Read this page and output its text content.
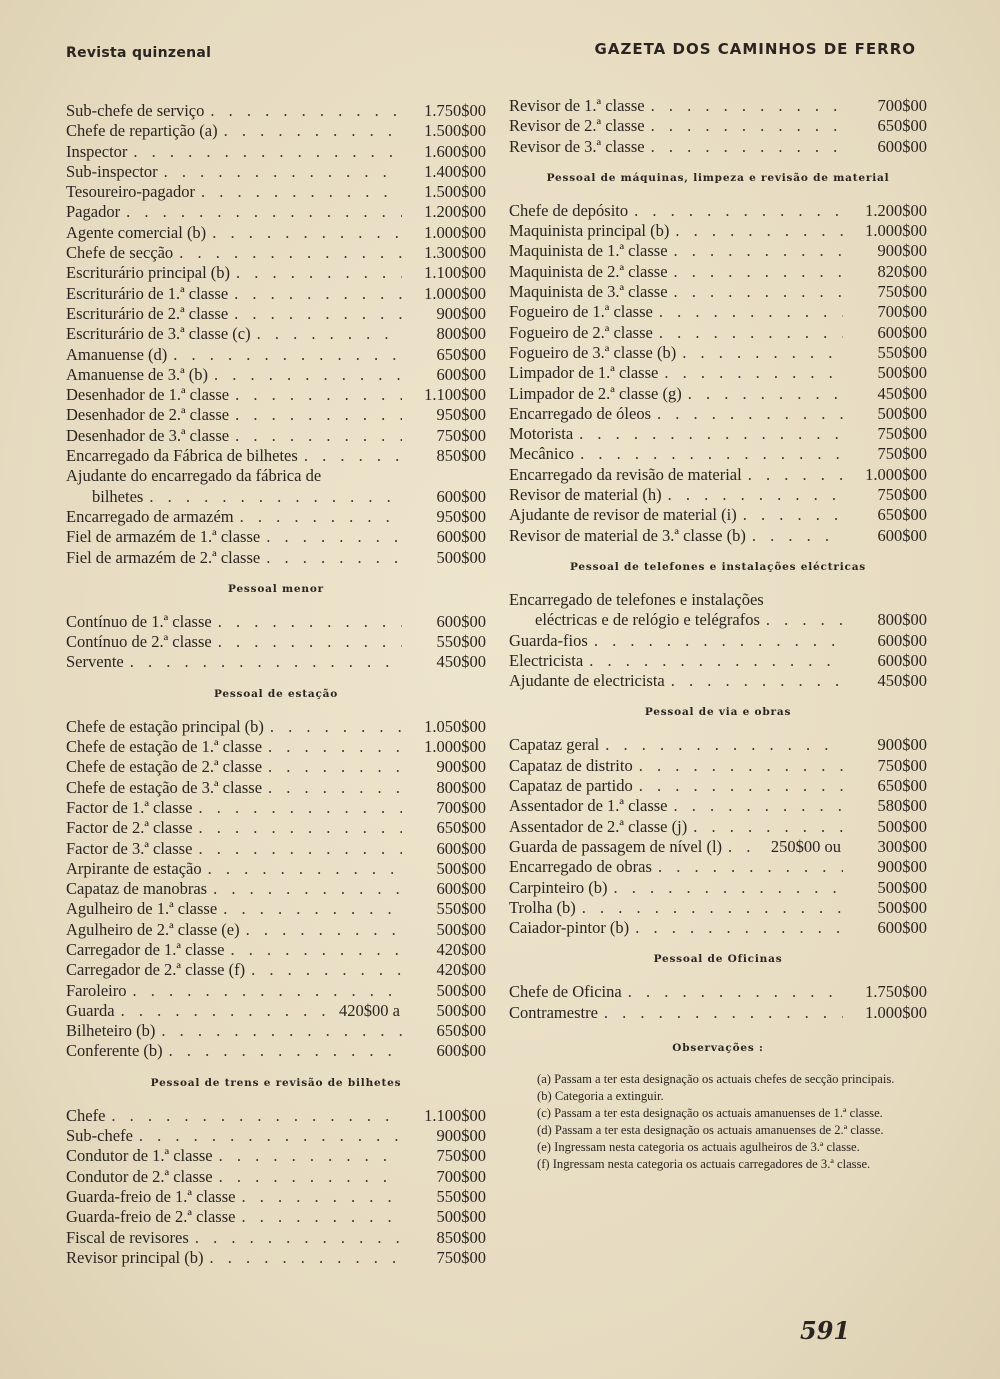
Revista quinzenal	GAZETA DOS CAMINHOS DE FERRO
Sub-chefe de serviço . . .	1.750$00
Chefe de repartição (a) . . .	1.500$00
Inspector . . .	1.600$00
Sub-inspector . . .	1.400$00
Tesoureiro-pagador . . .	1.500$00
Pagador . . .	1.200$00
Agente comercial (b) . . .	1.000$00
Chefe de secção . . .	1.300$00
Escriturário principal (b) . . .	1.100$00
Escriturário de 1.ª classe . . .	1.000$00
Escriturário de 2.ª classe . . .	900$00
Escriturário de 3.ª classe (c) . . .	800$00
Amanuense (d) . . .	650$00
Amanuense de 3.ª (b) . . .	600$00
Desenhador de 1.ª classe . . .	1.100$00
Desenhador de 2.ª classe . . .	950$00
Desenhador de 3.ª classe . . .	750$00
Encarregado da Fábrica de bilhetes . . .	850$00
Ajudante do encarregado da fábrica de
bilhetes . . .	600$00
Encarregado de armazém . . .	950$00
Fiel de armazém de 1.ª classe . . .	600$00
Fiel de armazém de 2.ª classe . . .	500$00
Pessoal menor
Contínuo de 1.ª classe . . .	600$00
Contínuo de 2.ª classe . . .	550$00
Servente . . .	450$00
Pessoal de estação
Chefe de estação principal (b) . . .	1.050$00
Chefe de estação de 1.ª classe . . .	1.000$00
Chefe de estação de 2.ª classe . . .	900$00
Chefe de estação de 3.ª classe . . .	800$00
Factor de 1.ª classe . . .	700$00
Factor de 2.ª classe . . .	650$00
Factor de 3.ª classe . . .	600$00
Arpirante de estação . . .	500$00
Capataz de manobras . . .	600$00
Agulheiro de 1.ª classe . . .	550$00
Agulheiro de 2.ª classe (e) . . .	500$00
Carregador de 1.ª classe . . .	420$00
Carregador de 2.ª classe (f) . . .	420$00
Faroleiro . . .	500$00
Guarda . . .	420$00 a	500$00
Bilheteiro (b) . . .	650$00
Conferente (b) . . .	600$00
Pessoal de trens e revisão de bilhetes
Chefe . . .	1.100$00
Sub-chefe . . .	900$00
Condutor de 1.ª classe . . .	750$00
Condutor de 2.ª classe . . .	700$00
Guarda-freio de 1.ª classe . . .	550$00
Guarda-freio de 2.ª classe . . .	500$00
Fiscal de revisores . . .	850$00
Revisor principal (b) . . .	750$00
Revisor de 1.ª classe . . .	700$00
Revisor de 2.ª classe . . .	650$00
Revisor de 3.ª classe . . .	600$00
Pessoal de máquinas, limpeza e revisão de material
Chefe de depósito . . .	1.200$00
Maquinista principal (b) . . .	1.000$00
Maquinista de 1.ª classe . . .	900$00
Maquinista de 2.ª classe . . .	820$00
Maquinista de 3.ª classe . . .	750$00
Fogueiro de 1.ª classe . . .	700$00
Fogueiro de 2.ª classe . . .	600$00
Fogueiro de 3.ª classe (b) . . .	550$00
Limpador de 1.ª classe . . .	500$00
Limpador de 2.ª classe (g) . . .	450$00
Encarregado de óleos . . .	500$00
Motorista . . .	750$00
Mecânico . . .	750$00
Encarregado da revisão de material . . .	1.000$00
Revisor de material (h) . . .	750$00
Ajudante de revisor de material (i) . . .	650$00
Revisor de material de 3.ª classe (b) . . .	600$00
Pessoal de telefones e instalações eléctricas
Encarregado de telefones e instalações
eléctricas e de relógio e telégrafos . . .	800$00
Guarda-fios . . .	600$00
Electricista . . .	600$00
Ajudante de electricista . . .	450$00
Pessoal de via e obras
Capataz geral . . .	900$00
Capataz de distrito . . .	750$00
Capataz de partido . . .	650$00
Assentador de 1.ª classe . . .	580$00
Assentador de 2.ª classe (j) . . .	500$00
Guarda de passagem de nível (l) . . .	250$00 ou	300$00
Encarregado de obras . . .	900$00
Carpinteiro (b) . . .	500$00
Trolha (b) . . .	500$00
Caiador-pintor (b) . . .	600$00
Pessoal de Oficinas
Chefe de Oficina . . .	1.750$00
Contramestre . . .	1.000$00
Observações :
(a) Passam a ter esta designação os actuais chefes de secção principais.
(b) Categoria a extinguir.
(c) Passam a ter esta designação os actuais amanuenses de 1.ª classe.
(d) Passam a ter esta designação os actuais amanuenses de 2.ª classe.
(e) Ingressam nesta categoria os actuais agulheiros de 3.ª classe.
(f) Ingressam nesta categoria os actuais carregadores de 3.ª classe.
591
